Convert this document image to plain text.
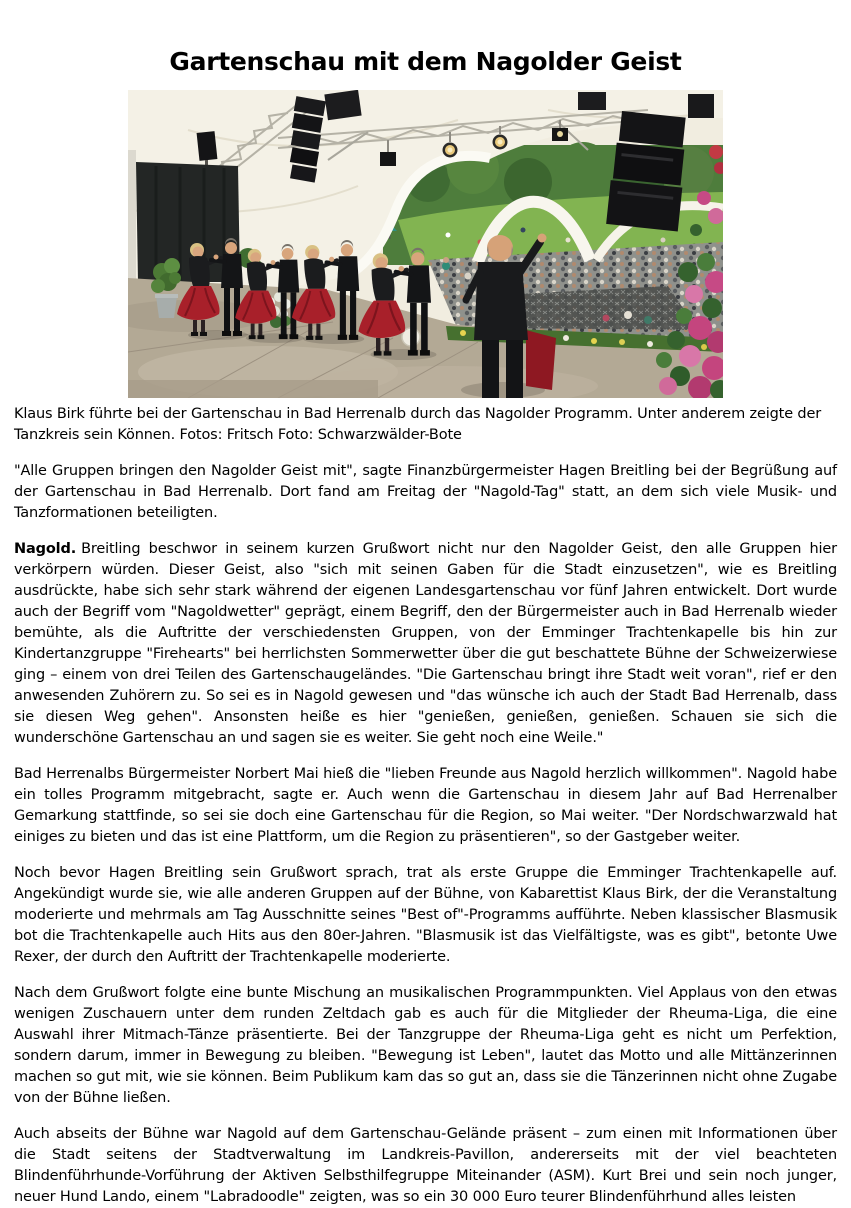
Gartenschau mit dem Nagolder Geist

Klaus Birk führte bei der Gartenschau in Bad Herrenalb durch das Nagolder Programm. Unter anderem zeigte der Tanzkreis sein Können. Fotos: Fritsch Foto: Schwarzwälder-Bote

"Alle Gruppen bringen den Nagolder Geist mit", sagte Finanzbürgermeister Hagen Breitling bei der Begrüßung auf der Gartenschau in Bad Herrenalb. Dort fand am Freitag der "Nagold-Tag" statt, an dem sich viele Musik- und Tanzformationen beteiligten.

Nagold. Breitling beschwor in seinem kurzen Grußwort nicht nur den Nagolder Geist, den alle Gruppen hier verkörpern würden. Dieser Geist, also "sich mit seinen Gaben für die Stadt einzusetzen", wie es Breitling ausdrückte, habe sich sehr stark während der eigenen Landesgartenschau vor fünf Jahren entwickelt. Dort wurde auch der Begriff vom "Nagoldwetter" geprägt, einem Begriff, den der Bürgermeister auch in Bad Herrenalb wieder bemühte, als die Auftritte der verschiedensten Gruppen, von der Emminger Trachtenkapelle bis hin zur Kindertanzgruppe "Firehearts" bei herrlichsten Sommerwetter über die gut beschattete Bühne der Schweizerwiese ging – einem von drei Teilen des Gartenschaugeländes. "Die Gartenschau bringt ihre Stadt weit voran", rief er den anwesenden Zuhörern zu. So sei es in Nagold gewesen und "das wünsche ich auch der Stadt Bad Herrenalb, dass sie diesen Weg gehen". Ansonsten heiße es hier "genießen, genießen, genießen. Schauen sie sich die wunderschöne Gartenschau an und sagen sie es weiter. Sie geht noch eine Weile."

Bad Herrenalbs Bürgermeister Norbert Mai hieß die "lieben Freunde aus Nagold herzlich willkommen". Nagold habe ein tolles Programm mitgebracht, sagte er. Auch wenn die Gartenschau in diesem Jahr auf Bad Herrenalber Gemarkung stattfinde, so sei sie doch eine Gartenschau für die Region, so Mai weiter. "Der Nordschwarzwald hat einiges zu bieten und das ist eine Plattform, um die Region zu präsentieren", so der Gastgeber weiter.

Noch bevor Hagen Breitling sein Grußwort sprach, trat als erste Gruppe die Emminger Trachtenkapelle auf. Angekündigt wurde sie, wie alle anderen Gruppen auf der Bühne, von Kabarettist Klaus Birk, der die Veranstaltung moderierte und mehrmals am Tag Ausschnitte seines "Best of"-Programms aufführte. Neben klassischer Blasmusik bot die Trachtenkapelle auch Hits aus den 80er-Jahren. "Blasmusik ist das Vielfältigste, was es gibt", betonte Uwe Rexer, der durch den Auftritt der Trachtenkapelle moderierte.

Nach dem Grußwort folgte eine bunte Mischung an musikalischen Programmpunkten. Viel Applaus von den etwas wenigen Zuschauern unter dem runden Zeltdach gab es auch für die Mitglieder der Rheuma-Liga, die eine Auswahl ihrer Mitmach-Tänze präsentierte. Bei der Tanzgruppe der Rheuma-Liga geht es nicht um Perfektion, sondern darum, immer in Bewegung zu bleiben. "Bewegung ist Leben", lautet das Motto und alle Mittänzerinnen machen so gut mit, wie sie können. Beim Publikum kam das so gut an, dass sie die Tänzerinnen nicht ohne Zugabe von der Bühne ließen.

Auch abseits der Bühne war Nagold auf dem Gartenschau-Gelände präsent – zum einen mit Informationen über die Stadt seitens der Stadtverwaltung im Landkreis-Pavillon, andererseits mit der viel beachteten Blindenführhunde-Vorführung der Aktiven Selbsthilfegruppe Miteinander (ASM). Kurt Brei und sein noch junger, neuer Hund Lando, einem "Labradoodle" zeigten, was so ein 30 000 Euro teurer Blindenführhund alles leisten
